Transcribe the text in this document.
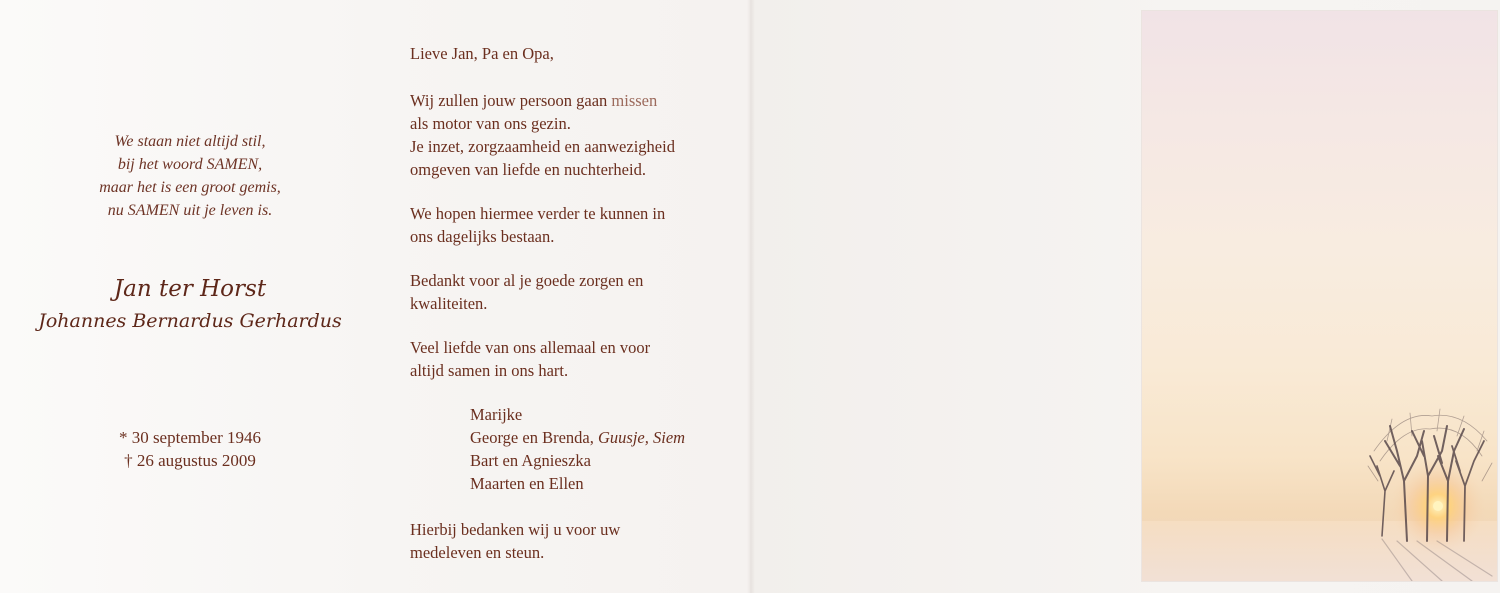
We staan niet altijd stil,
bij het woord SAMEN,
maar het is een groot gemis,
nu SAMEN uit je leven is.
Jan ter Horst
Johannes Bernardus Gerhardus
* 30 september 1946
† 26 augustus 2009
Lieve Jan, Pa en Opa,
Wij zullen jouw persoon gaan missen
als motor van ons gezin.
Je inzet, zorgzaamheid en aanwezigheid
omgeven van liefde en nuchterheid.
We hopen hiermee verder te kunnen in
ons dagelijks bestaan.
Bedankt voor al je goede zorgen en
kwaliteiten.
Veel liefde van ons allemaal en voor
altijd samen in ons hart.
Marijke
George en Brenda, Guusje, Siem
Bart en Agnieszka
Maarten en Ellen
Hierbij bedanken wij u voor uw
medeleven en steun.
